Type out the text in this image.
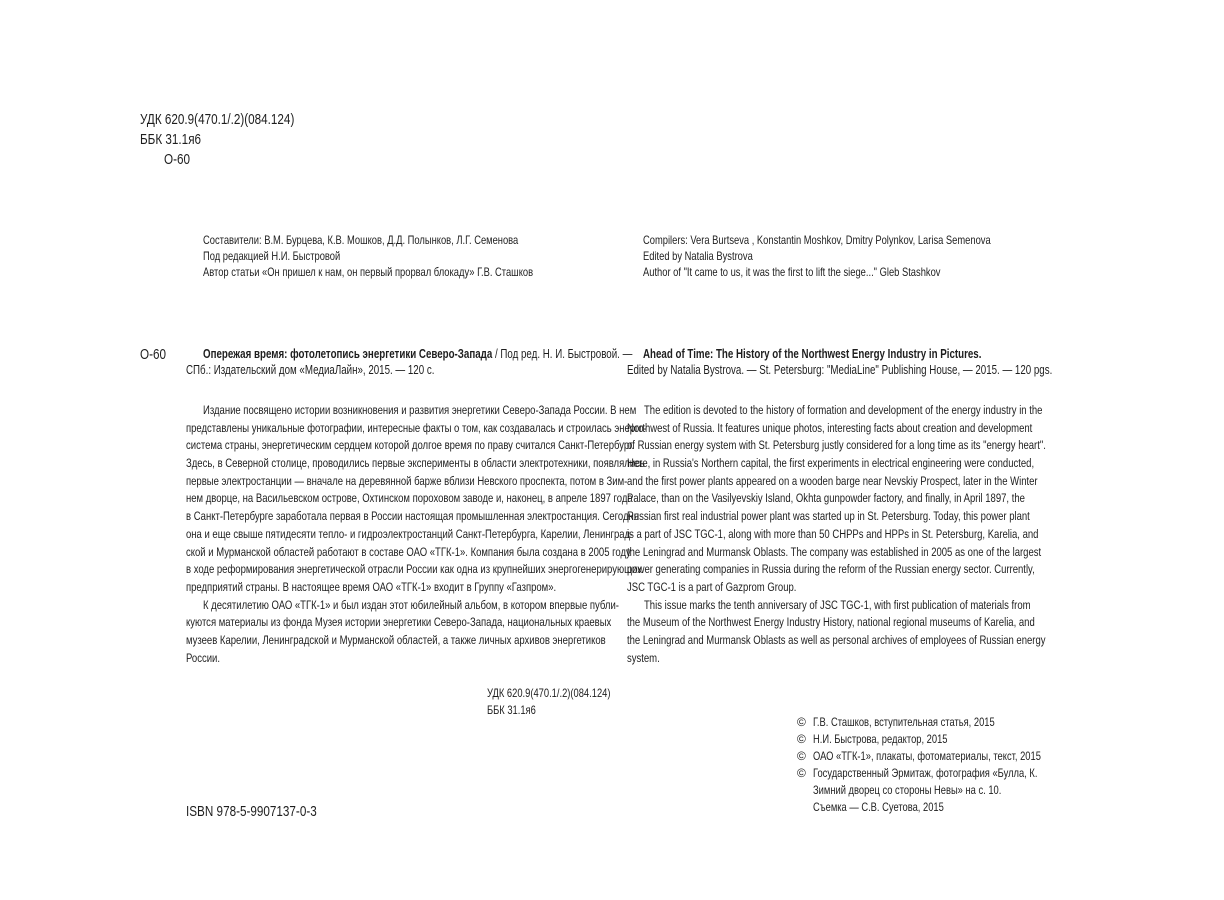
УДК 620.9(470.1/.2)(084.124)
ББК 31.1я6
О-60
Составители: В.М. Бурцева, К.В. Мошков, Д.Д. Полынков, Л.Г. Семенова
Под редакцией Н.И. Быстровой
Автор статьи «Он пришел к нам, он первый прорвал блокаду» Г.В. Сташков
Compilers: Vera Burtseva , Konstantin Moshkov, Dmitry Polynkov, Larisa Semenova
Edited by Natalia Bystrova
Author of "It came to us, it was the first to lift the siege..." Gleb Stashkov
О-60	Опережая время: фотолетопись энергетики Северо-Запада / Под ред. Н. И. Быстровой. —
СПб.: Издательский дом «МедиаЛайн», 2015. — 120 с.
Ahead of Time: The History of the Northwest Energy Industry in Pictures.
Edited by Natalia Bystrova. — St. Petersburg: "MediaLine" Publishing House, — 2015. — 120 pgs.
Издание посвящено истории возникновения и развития энергетики Северо-Запада России. В нем
представлены уникальные фотографии, интересные факты о том, как создавалась и строилась энерго-
система страны, энергетическим сердцем которой долгое время по праву считался Санкт-Петербург.
Здесь, в Северной столице, проводились первые эксперименты в области электротехники, появлялись
первые электростанции — вначале на деревянной барже вблизи Невского проспекта, потом в Зим-
нем дворце, на Васильевском острове, Охтинском пороховом заводе и, наконец, в апреле 1897 года
в Санкт-Петербурге заработала первая в России настоящая промышленная электростанция. Сегодня
она и еще свыше пятидесяти тепло- и гидроэлектростанций Санкт-Петербурга, Карелии, Ленинград-
ской и Мурманской областей работают в составе ОАО «ТГК-1». Компания была создана в 2005 году
в ходе реформирования энергетической отрасли России как одна из крупнейших энергогенерирующих
предприятий страны. В настоящее время ОАО «ТГК-1» входит в Группу «Газпром».
К десятилетию ОАО «ТГК-1» и был издан этот юбилейный альбом, в котором впервые публи-
куются материалы из фонда Музея истории энергетики Северо-Запада, национальных краевых
музеев Карелии, Ленинградской и Мурманской областей, а также личных архивов энергетиков
России.
The edition is devoted to the history of formation and development of the energy industry in the
Northwest of Russia. It features unique photos, interesting facts about creation and development
of Russian energy system with St. Petersburg justly considered for a long time as its "energy heart".
Here, in Russia's Northern capital, the first experiments in electrical engineering were conducted,
and the first power plants appeared on a wooden barge near Nevskiy Prospect, later in the Winter
Palace, than on the Vasilyevskiy Island, Okhta gunpowder factory, and finally, in April 1897, the
Russian first real industrial power plant was started up in St. Petersburg. Today, this power plant
is a part of JSC TGC-1, along with more than 50 CHPPs and HPPs in St. Petersburg, Karelia, and
the Leningrad and Murmansk Oblasts. The company was established in 2005 as one of the largest
power generating companies in Russia during the reform of the Russian energy sector. Currently,
JSC TGC-1 is a part of Gazprom Group.
This issue marks the tenth anniversary of JSC TGC-1, with first publication of materials from
the Museum of the Northwest Energy Industry History, national regional museums of Karelia, and
the Leningrad and Murmansk Oblasts as well as personal archives of employees of Russian energy
system.
УДК 620.9(470.1/.2)(084.124)
ББК 31.1я6
© Г.В. Сташков, вступительная статья, 2015
© Н.И. Быстрова, редактор, 2015
© ОАО «ТГК-1», плакаты, фотоматериалы, текст, 2015
© Государственный Эрмитаж, фотография «Булла, К.
Зимний дворец со стороны Невы» на с. 10.
Съемка — С.В. Суетова, 2015
ISBN 978-5-9907137-0-3
